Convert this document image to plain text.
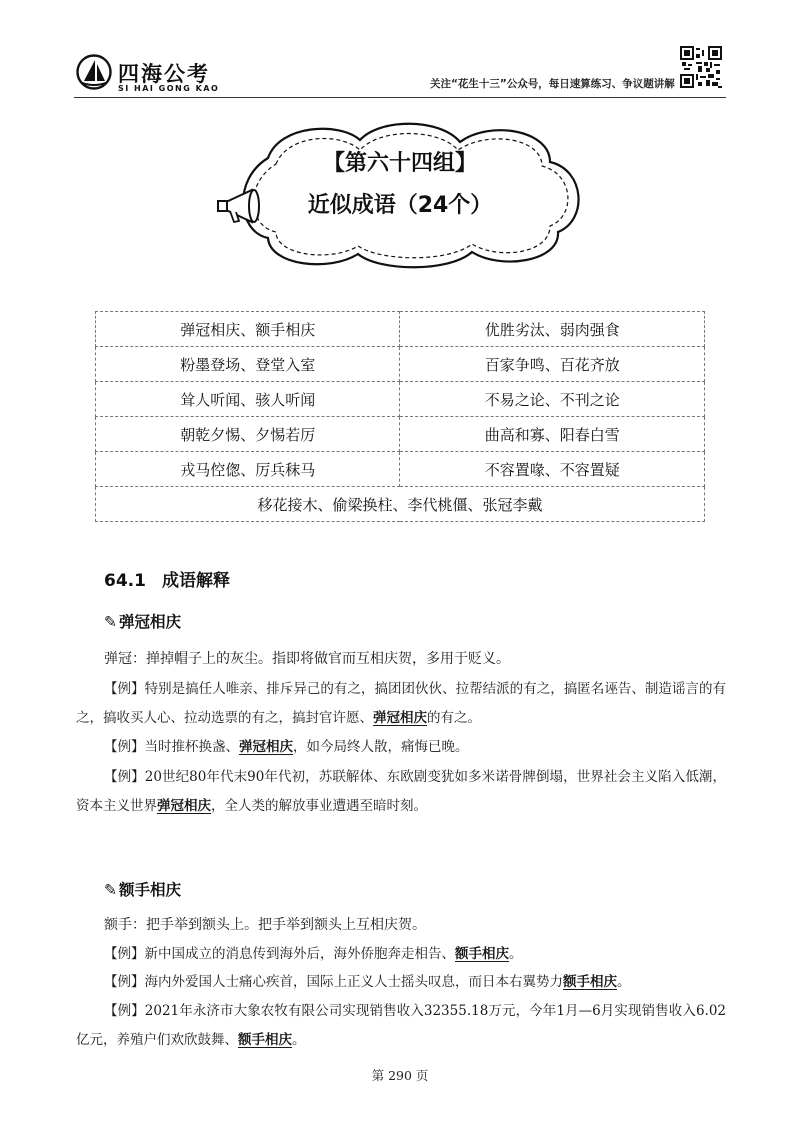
四海公考
SI HAI GONG KAO	关注“花生十三”公众号，每日速算练习、争议题讲解
【第六十四组】
近似成语（24个）
弹冠相庆、额手相庆	优胜劣汰、弱肉强食
粉墨登场、登堂入室	百家争鸣、百花齐放
耸人听闻、骇人听闻	不易之论、不刊之论
朝乾夕惕、夕惕若厉	曲高和寡、阳春白雪
戎马倥偬、厉兵秣马	不容置喙、不容置疑
移花接木、偷梁换柱、李代桃僵、张冠李戴	
64.1 成语解释
✎ 弹冠相庆
弹冠：掸掉帽子上的灰尘。指即将做官而互相庆贺，多用于贬义。
【例】特别是搞任人唯亲、排斥异己的有之，搞团团伙伙、拉帮结派的有之，搞匿名诬告、制造谣言的有之，搞收买人心、拉动选票的有之，搞封官许愿、弹冠相庆的有之。
【例】当时推杯换盏、弹冠相庆，如今局终人散，痛悔已晚。
【例】20世纪80年代末90年代初，苏联解体、东欧剧变犹如多米诺骨牌倒塌，世界社会主义陷入低潮，资本主义世界弹冠相庆，全人类的解放事业遭遇至暗时刻。
✎ 额手相庆
额手：把手举到额头上。把手举到额头上互相庆贺。
【例】新中国成立的消息传到海外后，海外侨胞奔走相告、额手相庆。
【例】海内外爱国人士痛心疾首，国际上正义人士摇头叹息，而日本右翼势力额手相庆。
【例】2021年永济市大象农牧有限公司实现销售收入32355.18万元，今年1月—6月实现销售收入6.02亿元，养殖户们欢欣鼓舞、额手相庆。
第 290 页
